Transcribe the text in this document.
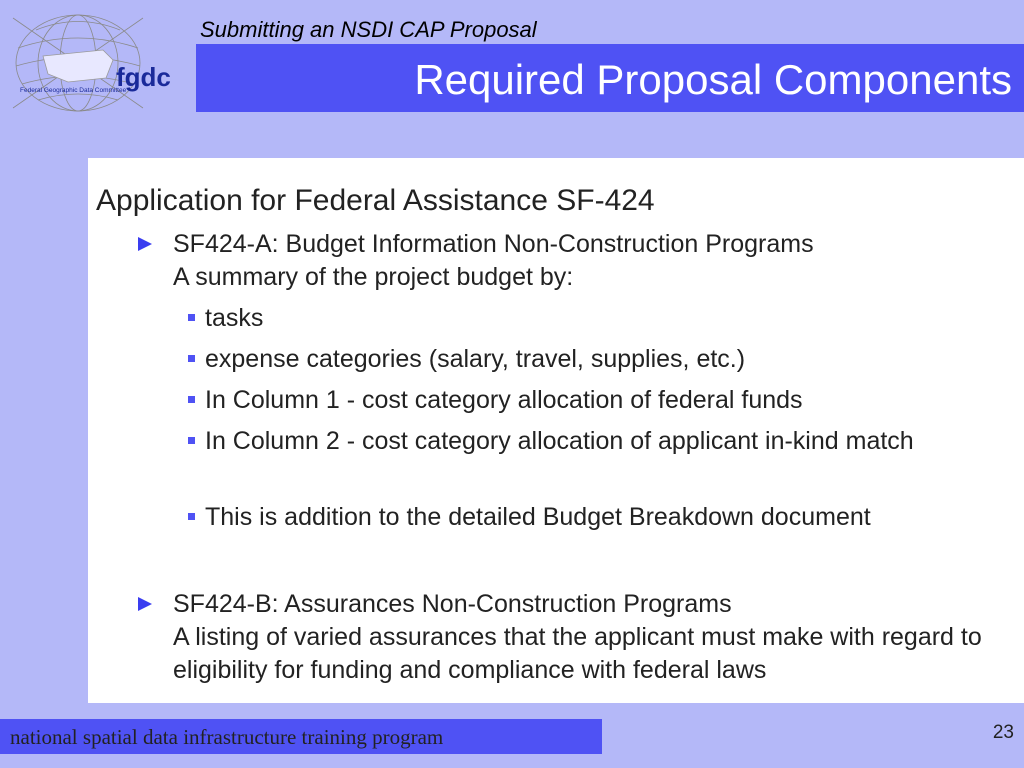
fgdc
Federal Geographic Data Committee
Submitting an NSDI CAP Proposal
Required Proposal Components
Application for Federal Assistance SF-424
SF424-A: Budget Information Non-Construction Programs
A summary of the project budget by:
tasks
expense categories (salary, travel, supplies, etc.)
In Column 1 - cost category allocation of federal funds
In Column 2 - cost category allocation of applicant in-kind match
This is addition to the detailed Budget Breakdown document
SF424-B: Assurances Non-Construction Programs
A listing of varied assurances that the applicant must make with regard to eligibility for funding and compliance with federal laws
national spatial data infrastructure training program	23
